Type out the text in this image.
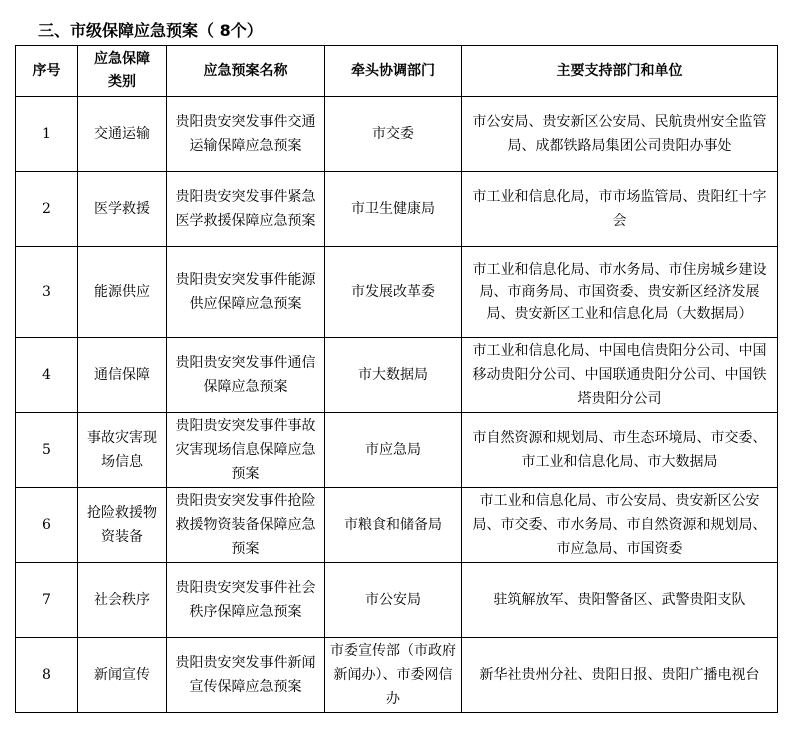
三、市级保障应急预案（ 8个）
序号	应急保障类别	应急预案名称	牵头协调部门	主要支持部门和单位
1	交通运输	贵阳贵安突发事件交通运输保障应急预案	市交委	市公安局、贵安新区公安局、民航贵州安全监管局、成都铁路局集团公司贵阳办事处
2	医学救援	贵阳贵安突发事件紧急医学救援保障应急预案	市卫生健康局	市工业和信息化局，市市场监管局、贵阳红十字会
3	能源供应	贵阳贵安突发事件能源供应保障应急预案	市发展改革委	市工业和信息化局、市水务局、市住房城乡建设局、市商务局、市国资委、贵安新区经济发展局、贵安新区工业和信息化局（大数据局）
4	通信保障	贵阳贵安突发事件通信保障应急预案	市大数据局	市工业和信息化局、中国电信贵阳分公司、中国移动贵阳分公司、中国联通贵阳分公司、中国铁塔贵阳分公司
5	事故灾害现场信息	贵阳贵安突发事件事故灾害现场信息保障应急预案	市应急局	市自然资源和规划局、市生态环境局、市交委、市工业和信息化局、市大数据局
6	抢险救援物资装备	贵阳贵安突发事件抢险救援物资装备保障应急预案	市粮食和储备局	市工业和信息化局、市公安局、贵安新区公安局、市交委、市水务局、市自然资源和规划局、市应急局、市国资委
7	社会秩序	贵阳贵安突发事件社会秩序保障应急预案	市公安局	驻筑解放军、贵阳警备区、武警贵阳支队
8	新闻宣传	贵阳贵安突发事件新闻宣传保障应急预案	市委宣传部（市政府新闻办）、市委网信办	新华社贵州分社、贵阳日报、贵阳广播电视台
